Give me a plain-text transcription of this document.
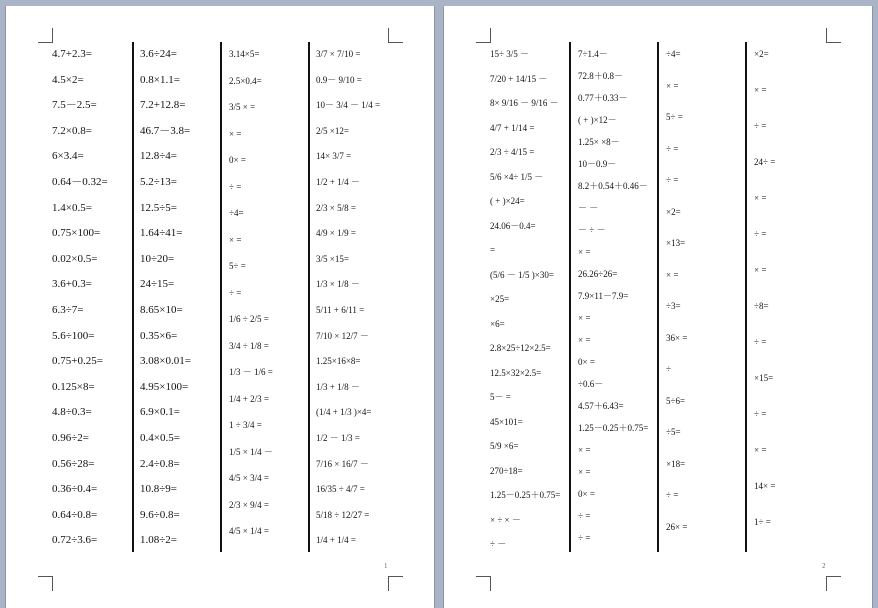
4.7+2.3=
4.5×2=
7.5－2.5=
7.2×0.8=
6×3.4=
0.64－0.32=
1.4×0.5=
0.75×100=
0.02×0.5=
3.6+0.3=
6.3÷7=
5.6÷100=
0.75+0.25=
0.125×8=
4.8÷0.3=
0.96÷2=
0.56÷28=
0.36÷0.4=
0.64÷0.8=
0.72÷3.6=
3.6÷24=
0.8×1.1=
7.2+12.8=
46.7－3.8=
12.8÷4=
5.2÷13=
12.5÷5=
1.64÷41=
10÷20=
24÷15=
8.65×10=
0.35×6=
3.08×0.01=
4.95×100=
6.9×0.1=
0.4×0.5=
2.4÷0.8=
10.8÷9=
9.6÷0.8=
1.08÷2=
3.14×5=
2.5×0.4=
3/5 × =
× =
0× =
÷ =
÷4=
× =
5÷ =
÷ =
1/6 ÷ 2/5 =
3/4 ÷ 1/8 =
1/3 － 1/6 =
1/4 + 2/3 =
1 ÷ 3/4 =
1/5 × 1/4 －
4/5 × 3/4 =
2/3 × 9/4 =
4/5 × 1/4 =
3/7 × 7/10 =
0.9－ 9/10 =
10－ 3/4 － 1/4 =
2/5 ×12=
14× 3/7 =
1/2 + 1/4 －
2/3 × 5/8 =
4/9 × 1/9 =
3/5 ×15=
1/3 × 1/8 －
5/11 + 6/11 =
7/10 × 12/7 －
1.25×16×8=
1/3 + 1/8 －
(1/4 + 1/3 )×4=
1/2 － 1/3 =
7/16 × 16/7 －
16/35 ÷ 4/7 =
5/18 ÷ 12/27 =
1/4 + 1/4 =
1
15÷ 3/5 －
7/20 + 14/15 －
8× 9/16 － 9/16 －
4/7 + 1/14 =
2/3 ÷ 4/15 =
5/6 ×4÷ 1/5 －
( + )×24=
24.06－0.4=
=
(5/6 － 1/5 )×30=
×25=
×6=
2.8×25÷12×2.5=
12.5×32×2.5=
5－ =
45×101=
5/9 ×6=
270÷18=
1.25－0.25＋0.75=
× ÷ × －
÷ －
7÷1.4－
72.8＋0.8－
0.77＋0.33－
( + )×12－
1.25× ×8－
10－0.9－
8.2＋0.54＋0.46－
－ －
－ ÷ －
× =
26.26÷26=
7.9×11－7.9=
× =
× =
0× =
÷0.6－
4.57＋6.43=
1.25－0.25＋0.75=
× =
× =
0× =
÷ =
÷ =
÷4=
× =
5÷ =
÷ =
÷ =
×2=
×13=
× =
÷3=
36× =
÷
5÷6=
÷5=
×18=
÷ =
26× =
×2=
× =
÷ =
24÷ =
× =
÷ =
× =
÷8=
÷ =
×15=
÷ =
× =
14× =
1÷ =
2
